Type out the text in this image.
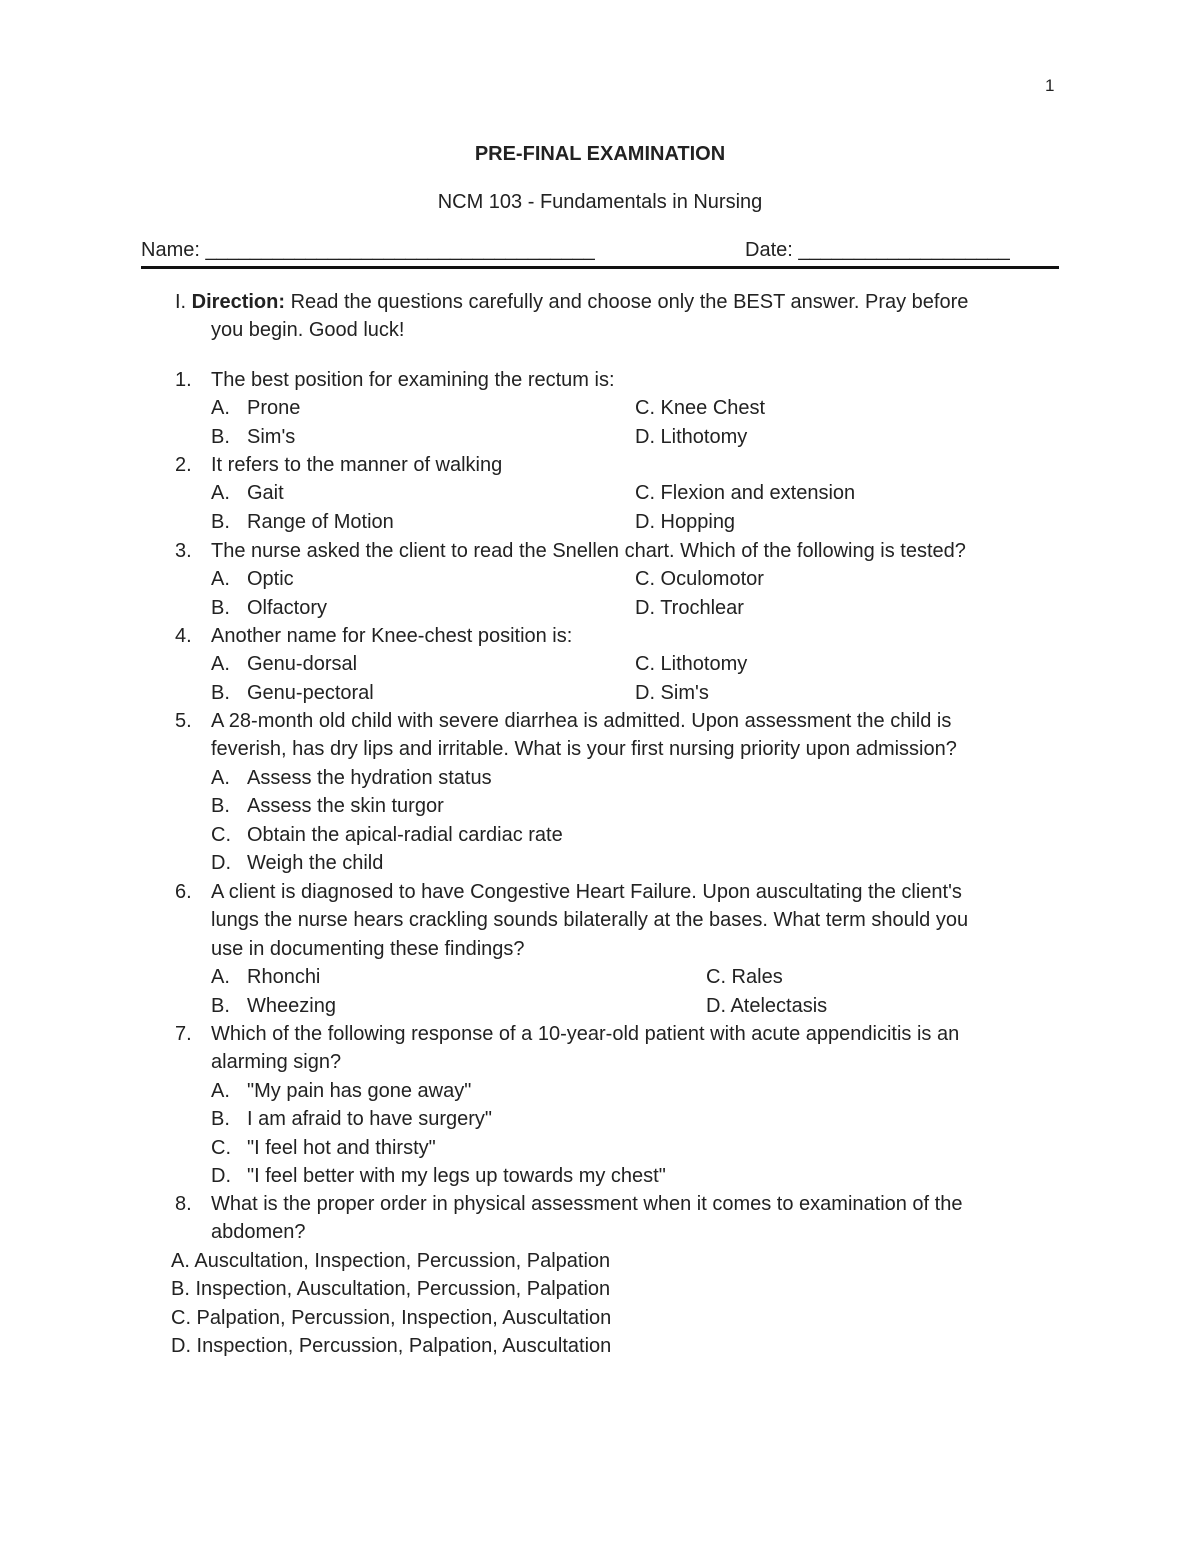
1
PRE-FINAL EXAMINATION
NCM 103 - Fundamentals in Nursing
Name: ___________________________________	Date: ___________________
I. Direction: Read the questions carefully and choose only the BEST answer. Pray before
you begin. Good luck!
1. The best position for examining the rectum is:
A. Prone	C. Knee Chest
B. Sim's	D. Lithotomy
2. It refers to the manner of walking
A. Gait	C. Flexion and extension
B. Range of Motion	D. Hopping
3. The nurse asked the client to read the Snellen chart. Which of the following is tested?
A. Optic	C. Oculomotor
B. Olfactory	D. Trochlear
4. Another name for Knee-chest position is:
A. Genu-dorsal	C. Lithotomy
B. Genu-pectoral	D. Sim's
5. A 28-month old child with severe diarrhea is admitted. Upon assessment the child is
feverish, has dry lips and irritable. What is your first nursing priority upon admission?
A. Assess the hydration status
B. Assess the skin turgor
C. Obtain the apical-radial cardiac rate
D. Weigh the child
6. A client is diagnosed to have Congestive Heart Failure. Upon auscultating the client's
lungs the nurse hears crackling sounds bilaterally at the bases. What term should you
use in documenting these findings?
A. Rhonchi	C. Rales
B. Wheezing	D. Atelectasis
7. Which of the following response of a 10-year-old patient with acute appendicitis is an
alarming sign?
A. "My pain has gone away"
B. I am afraid to have surgery"
C. "I feel hot and thirsty"
D. "I feel better with my legs up towards my chest"
8. What is the proper order in physical assessment when it comes to examination of the
abdomen?
A. Auscultation, Inspection, Percussion, Palpation
B. Inspection, Auscultation, Percussion, Palpation
C. Palpation, Percussion, Inspection, Auscultation
D. Inspection, Percussion, Palpation, Auscultation
